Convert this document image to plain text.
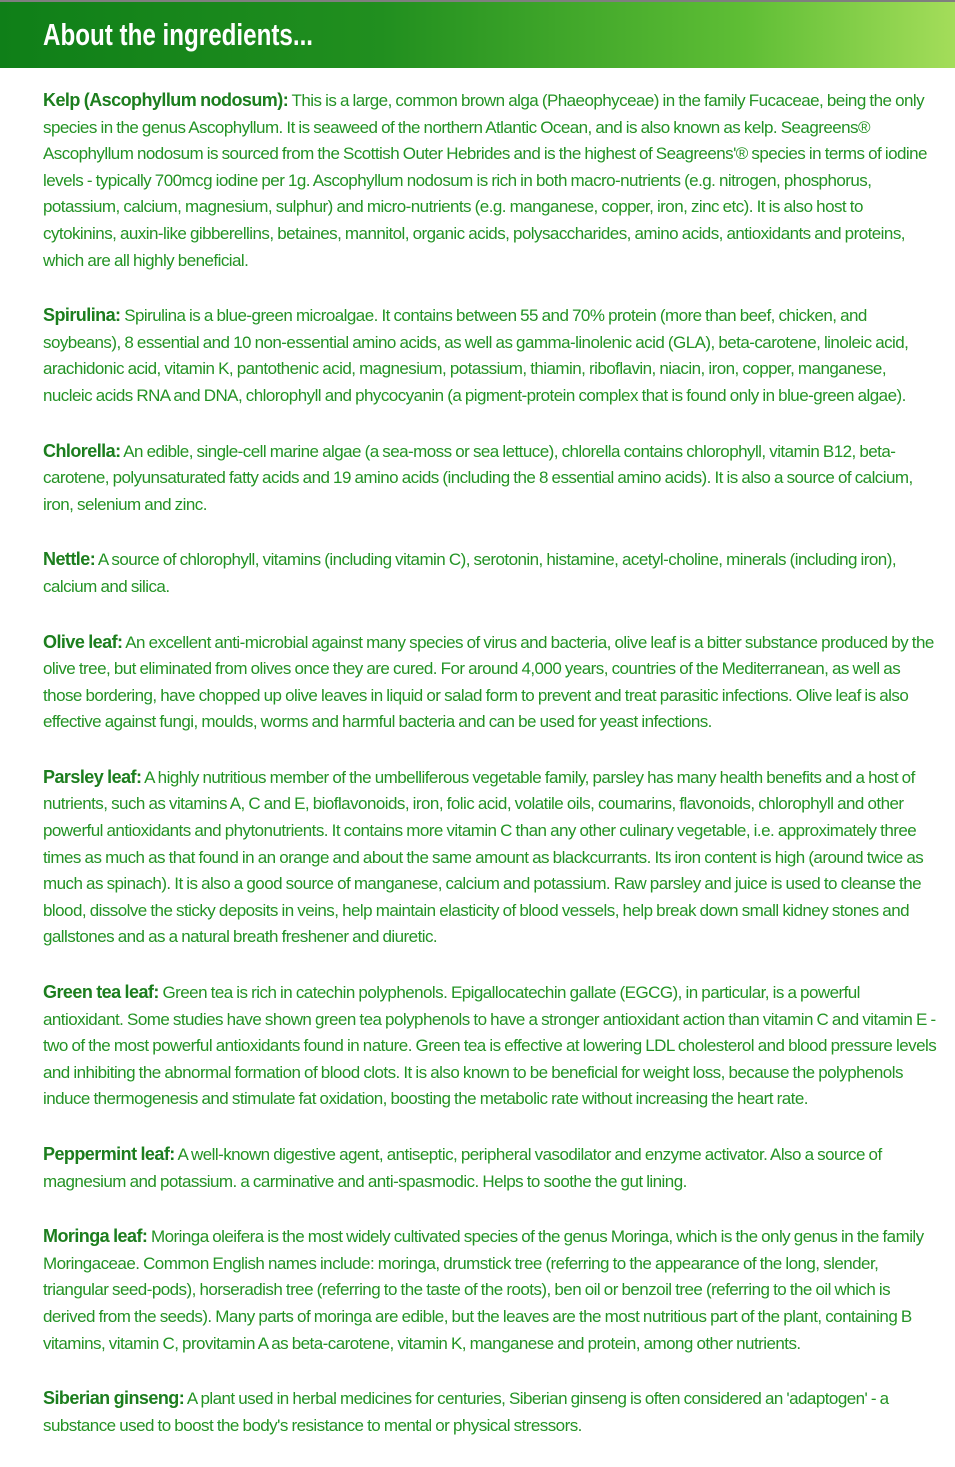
About the ingredients...

Kelp (Ascophyllum nodosum): This is a large, common brown alga (Phaeophyceae) in the family Fucaceae, being the only species in the genus Ascophyllum. It is seaweed of the northern Atlantic Ocean, and is also known as kelp. Seagreens® Ascophyllum nodosum is sourced from the Scottish Outer Hebrides and is the highest of Seagreens'® species in terms of iodine levels - typically 700mcg iodine per 1g. Ascophyllum nodosum is rich in both macro-nutrients (e.g. nitrogen, phosphorus, potassium, calcium, magnesium, sulphur) and micro-nutrients (e.g. manganese, copper, iron, zinc etc). It is also host to cytokinins, auxin-like gibberellins, betaines, mannitol, organic acids, polysaccharides, amino acids, antioxidants and proteins, which are all highly beneficial.

Spirulina: Spirulina is a blue-green microalgae. It contains between 55 and 70% protein (more than beef, chicken, and soybeans), 8 essential and 10 non-essential amino acids, as well as gamma-linolenic acid (GLA), beta-carotene, linoleic acid, arachidonic acid, vitamin K, pantothenic acid, magnesium, potassium, thiamin, riboflavin, niacin, iron, copper, manganese, nucleic acids RNA and DNA, chlorophyll and phycocyanin (a pigment-protein complex that is found only in blue-green algae).

Chlorella: An edible, single-cell marine algae (a sea-moss or sea lettuce), chlorella contains chlorophyll, vitamin B12, beta-carotene, polyunsaturated fatty acids and 19 amino acids (including the 8 essential amino acids). It is also a source of calcium, iron, selenium and zinc.

Nettle: A source of chlorophyll, vitamins (including vitamin C), serotonin, histamine, acetyl-choline, minerals (including iron), calcium and silica.

Olive leaf: An excellent anti-microbial against many species of virus and bacteria, olive leaf is a bitter substance produced by the olive tree, but eliminated from olives once they are cured. For around 4,000 years, countries of the Mediterranean, as well as those bordering, have chopped up olive leaves in liquid or salad form to prevent and treat parasitic infections. Olive leaf is also effective against fungi, moulds, worms and harmful bacteria and can be used for yeast infections.

Parsley leaf: A highly nutritious member of the umbelliferous vegetable family, parsley has many health benefits and a host of nutrients, such as vitamins A, C and E, bioflavonoids, iron, folic acid, volatile oils, coumarins, flavonoids, chlorophyll and other powerful antioxidants and phytonutrients. It contains more vitamin C than any other culinary vegetable, i.e. approximately three times as much as that found in an orange and about the same amount as blackcurrants. Its iron content is high (around twice as much as spinach). It is also a good source of manganese, calcium and potassium. Raw parsley and juice is used to cleanse the blood, dissolve the sticky deposits in veins, help maintain elasticity of blood vessels, help break down small kidney stones and gallstones and as a natural breath freshener and diuretic.

Green tea leaf: Green tea is rich in catechin polyphenols. Epigallocatechin gallate (EGCG), in particular, is a powerful antioxidant. Some studies have shown green tea polyphenols to have a stronger antioxidant action than vitamin C and vitamin E - two of the most powerful antioxidants found in nature. Green tea is effective at lowering LDL cholesterol and blood pressure levels and inhibiting the abnormal formation of blood clots. It is also known to be beneficial for weight loss, because the polyphenols induce thermogenesis and stimulate fat oxidation, boosting the metabolic rate without increasing the heart rate.

Peppermint leaf: A well-known digestive agent, antiseptic, peripheral vasodilator and enzyme activator. Also a source of magnesium and potassium. a carminative and anti-spasmodic. Helps to soothe the gut lining.

Moringa leaf: Moringa oleifera is the most widely cultivated species of the genus Moringa, which is the only genus in the family Moringaceae. Common English names include: moringa, drumstick tree (referring to the appearance of the long, slender, triangular seed-pods), horseradish tree (referring to the taste of the roots), ben oil or benzoil tree (referring to the oil which is derived from the seeds). Many parts of moringa are edible, but the leaves are the most nutritious part of the plant, containing B vitamins, vitamin C, provitamin A as beta-carotene, vitamin K, manganese and protein, among other nutrients.

Siberian ginseng: A plant used in herbal medicines for centuries, Siberian ginseng is often considered an 'adaptogen' - a substance used to boost the body's resistance to mental or physical stressors.
